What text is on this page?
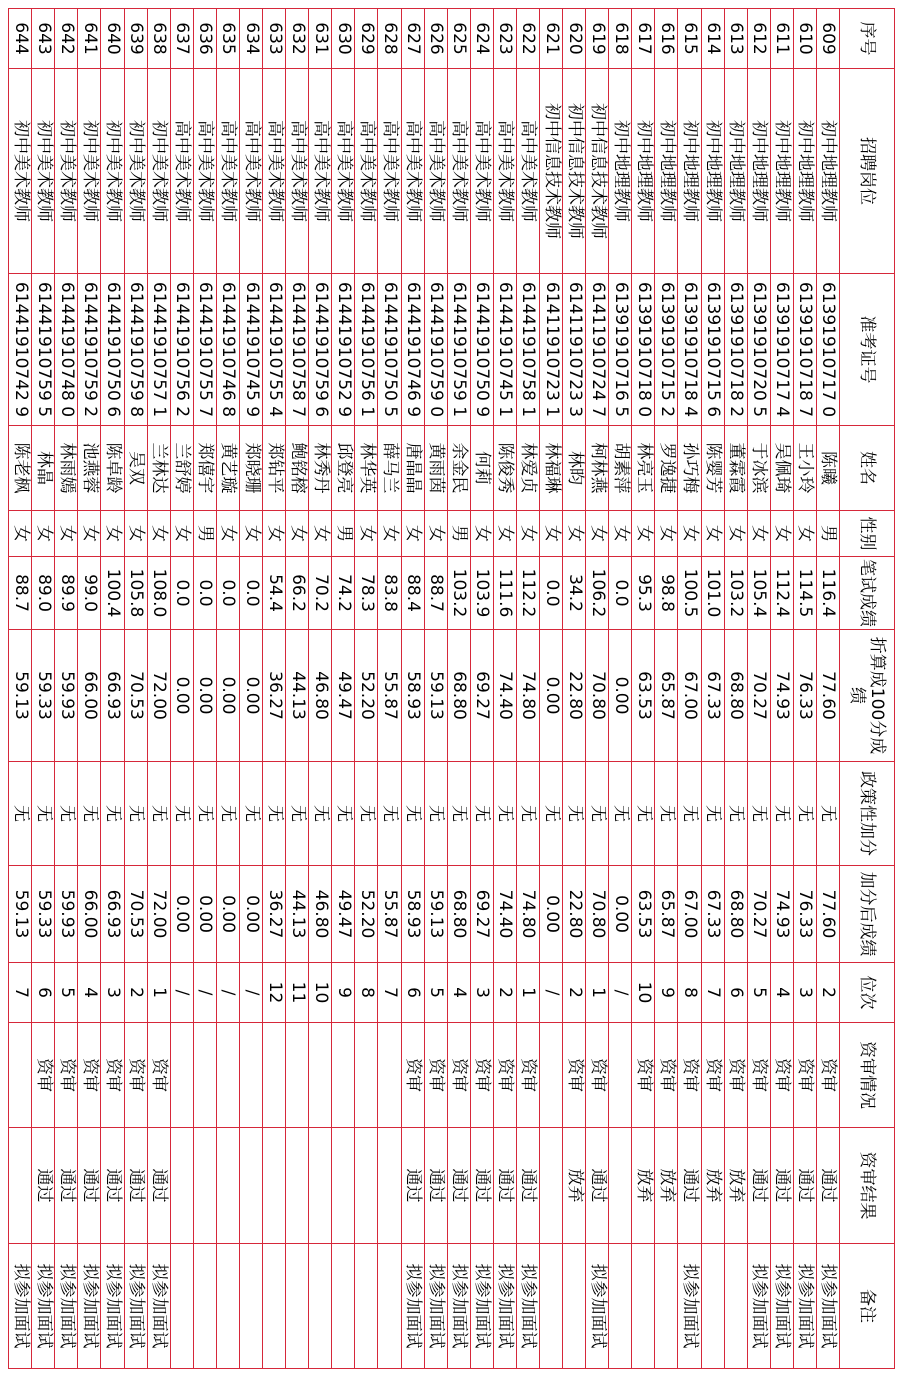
序号	招聘岗位	准考证号	姓名	性别	笔试成绩	折算成100分成绩	政策性加分	加分后成绩	位次	资审情况	资审结果	备注
609	初中地理教师	61391910717 0	陈曦	男	116.4	77.60	无	77.60	2	资审	通过	拟参加面试
610	初中地理教师	61391910718 7	王小玲	女	114.5	76.33	无	76.33	3	资审	通过	拟参加面试
611	初中地理教师	61391910717 4	吴佩琦	女	112.4	74.93	无	74.93	4	资审	通过	拟参加面试
612	初中地理教师	61391910720 5	于冰滨	女	105.4	70.27	无	70.27	5	资审	通过	拟参加面试
613	初中地理教师	61391910718 2	董霖霞	女	103.2	68.80	无	68.80	6	资审	放弃	
614	初中地理教师	61391910715 6	陈婴芳	女	101.0	67.33	无	67.33	7	资审	放弃	
615	初中地理教师	61391910718 4	孙巧梅	女	100.5	67.00	无	67.00	8	资审	通过	拟参加面试
616	初中地理教师	61391910715 2	罗逸捷	女	98.8	65.87	无	65.87	9	资审	放弃	
617	初中地理教师	61391910718 0	林亮玉	女	95.3	63.53	无	63.53	10	资审	放弃	
618	初中地理教师	61391910716 5	胡素萍	女	0.0	0.00	无	0.00	/			
619	初中信息技术教师	61411910724 7	柯林燕	女	106.2	70.80	无	70.80	1	资审	通过	拟参加面试
620	初中信息技术教师	61411910723 3	林昀	女	34.2	22.80	无	22.80	2	资审	放弃	
621	初中信息技术教师	61411910723 1	林福琳	女	0.0	0.00	无	0.00	/			
622	高中美术教师	61441910758 1	林爱贞	女	112.2	74.80	无	74.80	1	资审	通过	拟参加面试
623	高中美术教师	61441910745 1	陈俊秀	女	111.6	74.40	无	74.40	2	资审	通过	拟参加面试
624	高中美术教师	61441910750 9	何莉	女	103.9	69.27	无	69.27	3	资审	通过	拟参加面试
625	高中美术教师	61441910759 1	余金民	男	103.2	68.80	无	68.80	4	资审	通过	拟参加面试
626	高中美术教师	61441910759 0	黄雨茵	女	88.7	59.13	无	59.13	5	资审	通过	拟参加面试
627	高中美术教师	61441910746 9	唐晶晶	女	88.4	58.93	无	58.93	6	资审	通过	拟参加面试
628	高中美术教师	61441910750 5	薛马兰	女	83.8	55.87	无	55.87	7			
629	高中美术教师	61441910756 1	林华英	女	78.3	52.20	无	52.20	8			
630	高中美术教师	61441910752 9	邱登亮	男	74.2	49.47	无	49.47	9			
631	高中美术教师	61441910759 6	林秀丹	女	70.2	46.80	无	46.80	10			
632	高中美术教师	61441910758 7	鲍铭榕	女	66.2	44.13	无	44.13	11			
633	高中美术教师	61441910755 4	郑钻平	女	54.4	36.27	无	36.27	12			
634	高中美术教师	61441910745 9	郑晓珊	女	0.0	0.00	无	0.00	/			
635	高中美术教师	61441910746 8	黄艺璇	女	0.0	0.00	无	0.00	/			
636	高中美术教师	61441910755 7	郑僖宇	男	0.0	0.00	无	0.00	/			
637	高中美术教师	61441910756 2	兰舒婷	女	0.0	0.00	无	0.00	/			
638	初中美术教师	61441910757 1	兰林达	女	108.0	72.00	无	72.00	1	资审	通过	拟参加面试
639	初中美术教师	61441910759 8	吴双	女	105.8	70.53	无	70.53	2	资审	通过	拟参加面试
640	初中美术教师	61441910750 6	陈卓龄	女	100.4	66.93	无	66.93	3	资审	通过	拟参加面试
641	初中美术教师	61441910759 2	池燕蓉	女	99.0	66.00	无	66.00	4	资审	通过	拟参加面试
642	初中美术教师	61441910748 0	林雨嫣	女	89.9	59.93	无	59.93	5	资审	通过	拟参加面试
643	初中美术教师	61441910759 5	林晶	女	89.0	59.33	无	59.33	6	资审	通过	拟参加面试
644	初中美术教师	61441910742 9	陈老枫	女	88.7	59.13	无	59.13	7			拟参加面试
